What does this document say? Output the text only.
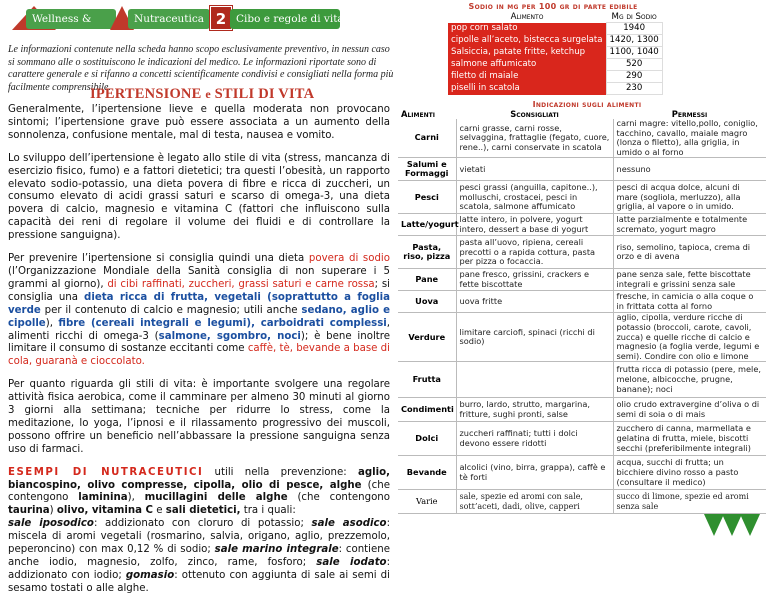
Wellness &	Nutraceutica 2 Cibo e regole di vita
Le informazioni contenute nella scheda hanno scopo esclusivamente preventivo, in nessun caso si sommano alle o sostituiscono le indicazioni del medico. Le informazioni riportate sono di carattere generale e si rifanno a concetti scientificamente condivisi e consigliati nella forma più facilmente comprensibile.
IPERTENSIONE e STILI DI VITA

Generalmente, l’ipertensione lieve e quella moderata non provocano sintomi; l’ipertensione grave può essere associata a un aumento della sonnolenza, confusione mentale, mal di testa, nausea e vomito.

Lo sviluppo dell’ipertensione è legato allo stile di vita (stress, mancanza di esercizio fisico, fumo) e a fattori dietetici; tra questi l’obesità, un rapporto elevato sodio-potassio, una dieta povera di fibre e ricca di zuccheri, un consumo elevato di acidi grassi saturi e scarso di omega-3, una dieta povera di calcio, magnesio e vitamina C (fattori che influiscono sulla capacità dei reni di regolare il volume dei fluidi e di controllare la pressione sanguigna).

Per prevenire l’ipertensione si consiglia quindi una dieta povera di sodio (l’Organizzazione Mondiale della Sanità consiglia di non superare i 5 grammi al giorno), di cibi raffinati, zuccheri, grassi saturi e carne rossa; si consiglia una dieta ricca di frutta, vegetali (soprattutto a foglia verde per il contenuto di calcio e magnesio; utili anche sedano, aglio e cipolle), fibre (cereali integrali e legumi), carboidrati complessi, alimenti ricchi di omega-3 (salmone, sgombro, noci); è bene inoltre limitare il consumo di sostanze eccitanti come caffè, tè, bevande a base di cola, guaranà e cioccolato.

Per quanto riguarda gli stili di vita: è importante svolgere una regolare attività fisica aerobica, come il camminare per almeno 30 minuti al giorno 3 giorni alla settimana; tecniche per ridurre lo stress, come la meditazione, lo yoga, l’ipnosi e il rilassamento progressivo dei muscoli, possono offrire un beneficio nell’abbassare la pressione sanguigna senza uso di farmaci.

ESEMPI DI NUTRACEUTICI utili nella prevenzione: aglio, biancospino, olivo compresse, cipolla, olio di pesce, alghe (che contengono laminina), mucillagini delle alghe (che contengono taurina) olivo, vitamina C e sali dietetici, tra i quali:
sale iposodico: addizionato con cloruro di potassio; sale asodico: miscela di aromi vegetali (rosmarino, salvia, origano, aglio, prezzemolo, peperoncino) con max 0,12 % di sodio; sale marino integrale: contiene anche iodio, magnesio, zolfo, zinco, rame, fosforo; sale iodato: addizionato con iodio; gomasio: ottenuto con aggiunta di sale ai semi di sesamo tostati o alle alghe.

Sodio in mg per 100 gr di parte edibile
Alimento	Mg di Sodio
pop corn salato	1940
cipolle all’aceto, bistecca surgelata	1420, 1300
Salsiccia, patate fritte, ketchup	1100, 1040
salmone affumicato	520
filetto di maiale	290
piselli in scatola	230
Indicazioni sugli alimenti
Alimenti	Sconsigliati	Permessi
Carni	carni grasse, carni rosse, selvaggina, frattaglie (fegato, cuore, rene..), carni conservate in scatola	carni magre: vitello,pollo, coniglio, tacchino, cavallo, maiale magro (lonza o filetto), alla griglia, in umido o al forno
Salumi e Formaggi	vietati	nessuno
Pesci	pesci grassi (anguilla, capitone..), molluschi, crostacei, pesci in scatola, salmone affumicato	pesci di acqua dolce, alcuni di mare (sogliola, merluzzo), alla griglia, al vapore o in umido.
Latte/yogurt	latte intero, in polvere, yogurt intero, dessert a base di yogurt	latte parzialmente e totalmente scremato, yogurt magro
Pasta, riso, pizza	pasta all’uovo, ripiena, cereali precotti o a rapida cottura, pasta per pizza o focaccia.	riso, semolino, tapioca, crema di orzo e di avena
Pane	pane fresco, grissini, crackers e fette biscottate	pane senza sale, fette biscottate integrali e grissini senza sale
Uova	uova fritte	fresche, in camicia o alla coque o in frittata cotta al forno
Verdure	limitare carciofi, spinaci (ricchi di sodio)	aglio, cipolla, verdure ricche di potassio (broccoli, carote, cavoli, zucca) e quelle ricche di calcio e magnesio (a foglia verde, legumi e semi). Condire con olio e limone
Frutta		frutta ricca di potassio (pere, mele, melone, albicocche, prugne, banane); noci
Condimenti	burro, lardo, strutto, margarina, fritture, sughi pronti, salse	olio crudo extravergine d’oliva o di semi di soia o di mais
Dolci	zuccheri raffinati; tutti i dolci devono essere ridotti	zucchero di canna, marmellata e gelatina di frutta, miele, biscotti secchi (preferibilmente integrali)
Bevande	alcolici (vino, birra, grappa), caffè e tè forti	acqua, succhi di frutta; un bicchiere divino rosso a pasto (consultare il medico)
Varie	sale, spezie ed aromi con sale, sott’aceti, dadi, olive, capperi	succo di limone, spezie ed aromi senza sale
